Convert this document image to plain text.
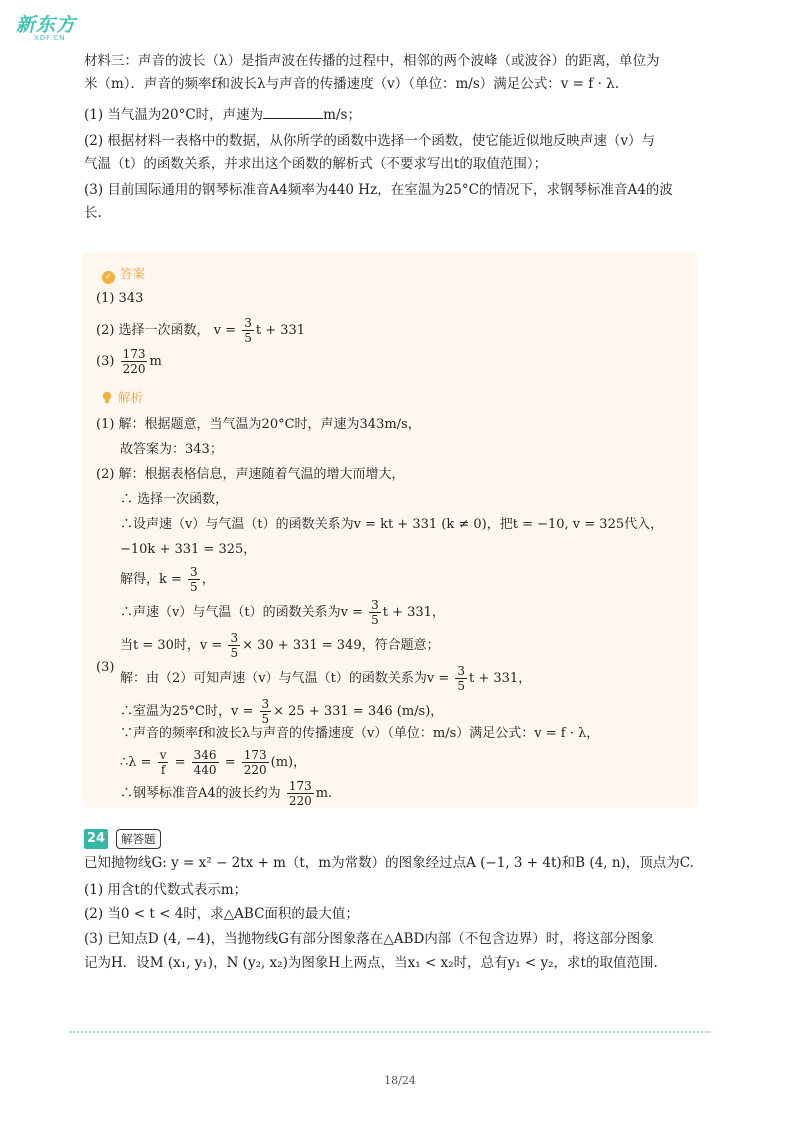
新东方
XDF.CN
材料三：声音的波长（λ）是指声波在传播的过程中，相邻的两个波峰（或波谷）的距离，单位为
米（m）．声音的频率f和波长λ与声音的传播速度（v）（单位：m/s）满足公式：v = f · λ.
(1) 当气温为20°C时，声速为	m/s；
(2) 根据材料一表格中的数据，从你所学的函数中选择一个函数，使它能近似地反映声速（v）与
气温（t）的函数关系，并求出这个函数的解析式（不要求写出t的取值范围）；
(3) 目前国际通用的钢琴标准音A4频率为440 Hz，在室温为25°C的情况下，求钢琴标准音A4的波
长.
✓ 答案
(1) 343
(2) 选择一次函数， $v = \frac{3}{5}$ t + 331
$(3) \frac{173}{220}$ m
解析
(1) 解：根据题意，当气温为20°C时，声速为343m/s，
故答案为：343；
(2) 解：根据表格信息，声速随着气温的增大而增大，
∴ 选择一次函数，
∴设声速（v）与气温（t）的函数关系为v = kt + 331 (k ≠ 0)，把t = −10, v = 325代入，
−10k + 331 = 325，
解得，$k = \frac{3}{5}$ ，
∴声速（v）与气温（t）的函数关系为$v = \frac{3}{5}$ t + 331，
当t = 30时，$v = \frac{3}{5} \times 30 + 331 = 349$，符合题意；
(3)
解：由（2）可知声速（v）与气温（t）的函数关系为$v = \frac{3}{5}$ t + 331，
∴室温为25°C时，$v = \frac{3}{5} \times 25 + 331 = 346$ (m/s)，
∵声音的频率f和波长λ与声音的传播速度（v）（单位：m/s）满足公式：v = f · λ，
∴λ = $\frac{v}{f} = \frac{346}{440} = \frac{173}{220} (m)$，
∴钢琴标准音A4的波长约为 $\frac{173}{220} m$.
24	解答题
已知抛物线G: y = x² − 2tx + m（t，m为常数）的图象经过点A (−1, 3 + 4t)和B (4, n)，顶点为C.
(1) 用含t的代数式表示m；
(2) 当0 < t < 4时，求△ABC面积的最大值；
(3) 已知点D (4, −4)，当抛物线G有部分图象落在△ABD内部（不包含边界）时，将这部分图象
记为H．设M (x₁, y₁)，N (y₂, x₂)为图象H上两点，当x₁ < x₂时，总有y₁ < y₂，求t的取值范围.
18/24
